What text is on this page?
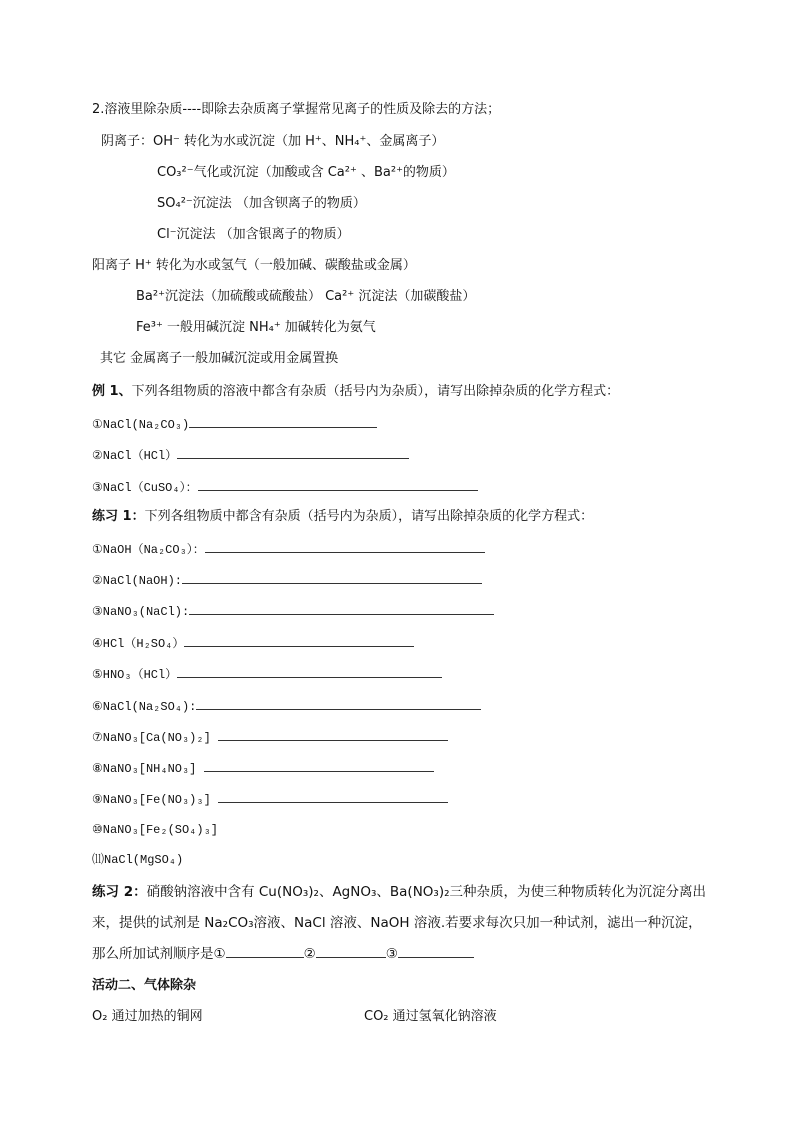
2.溶液里除杂质----即除去杂质离子掌握常见离子的性质及除去的方法；
阴离子：OH⁻ 转化为水或沉淀（加 H⁺、NH₄⁺、金属离子）
CO₃²⁻气化或沉淀（加酸或含 Ca²⁺ 、Ba²⁺的物质）
SO₄²⁻沉淀法 （加含钡离子的物质）
Cl⁻沉淀法 （加含银离子的物质）
阳离子 H⁺ 转化为水或氢气（一般加碱、碳酸盐或金属）
Ba²⁺沉淀法（加硫酸或硫酸盐） Ca²⁺ 沉淀法（加碳酸盐）
Fe³⁺ 一般用碱沉淀 NH₄⁺ 加碱转化为氨气
其它 金属离子一般加碱沉淀或用金属置换
例 1、下列各组物质的溶液中都含有杂质（括号内为杂质），请写出除掉杂质的化学方程式：
①NaCl(Na₂CO₃)
②NaCl（HCl）
③NaCl（CuSO₄）：
练习 1：下列各组物质中都含有杂质（括号内为杂质），请写出除掉杂质的化学方程式：
①NaOH（Na₂CO₃）：
②NaCl(NaOH):
③NaNO₃(NaCl):
④HCl（H₂SO₄）
⑤HNO₃（HCl）
⑥NaCl(Na₂SO₄):
⑦NaNO₃[Ca(NO₃)₂]
⑧NaNO₃[NH₄NO₃]
⑨NaNO₃[Fe(NO₃)₃]
⑩NaNO₃[Fe₂(SO₄)₃]
⑾NaCl(MgSO₄)
练习 2：硝酸钠溶液中含有 Cu(NO₃)₂、AgNO₃、Ba(NO₃)₂三种杂质，为使三种物质转化为沉淀分离出
来，提供的试剂是 Na₂CO₃溶液、NaCl 溶液、NaOH 溶液.若要求每次只加一种试剂，滤出一种沉淀，
那么所加试剂顺序是①	②	③
活动二、气体除杂
O₂ 通过加热的铜网	CO₂ 通过氢氧化钠溶液
